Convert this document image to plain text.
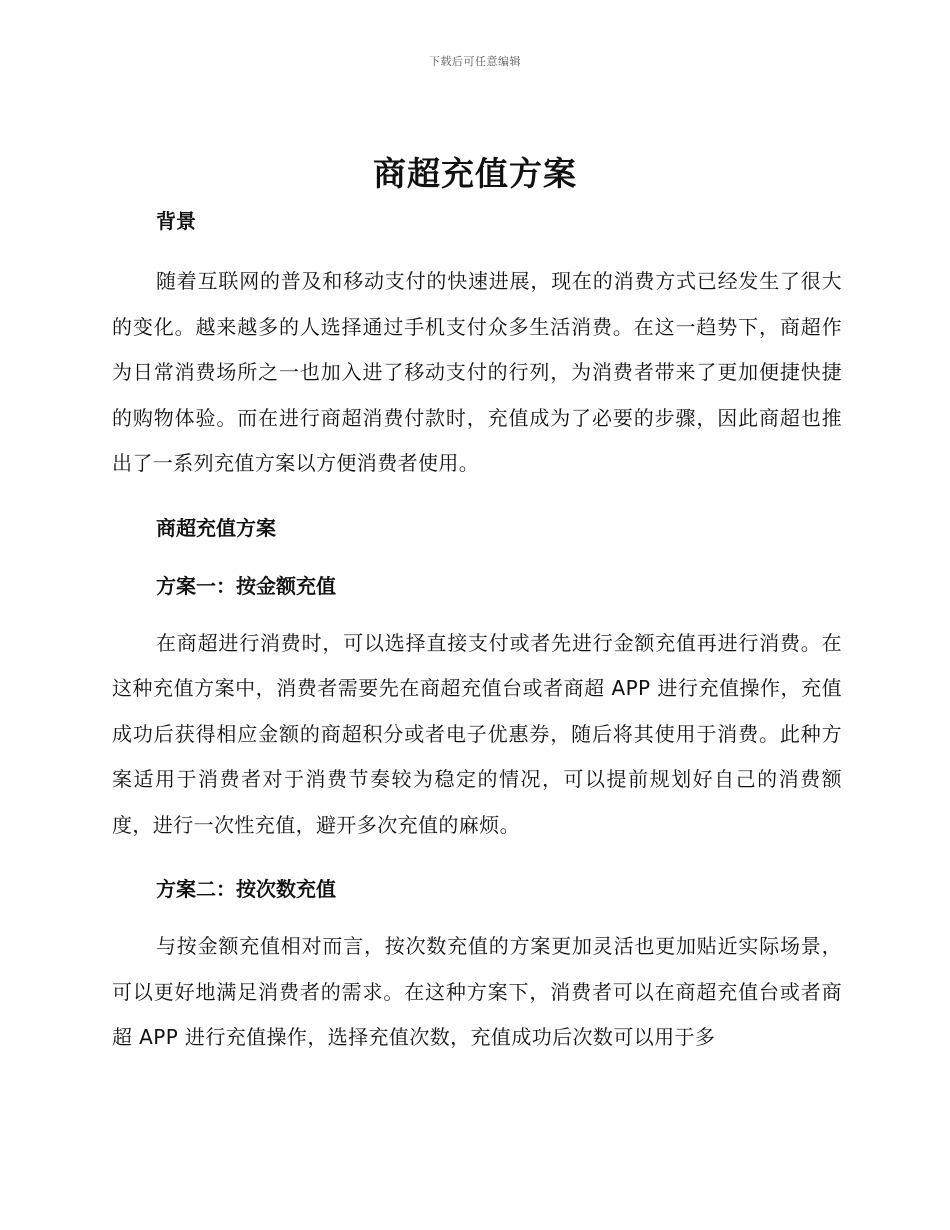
下载后可任意编辑
商超充值方案
背景

随着互联网的普及和移动支付的快速进展，现在的消费方式已经发生了很大的变化。越来越多的人选择通过手机支付众多生活消费。在这一趋势下，商超作为日常消费场所之一也加入进了移动支付的行列，为消费者带来了更加便捷快捷的购物体验。而在进行商超消费付款时，充值成为了必要的步骤，因此商超也推出了一系列充值方案以方便消费者使用。

商超充值方案
方案一：按金额充值

在商超进行消费时，可以选择直接支付或者先进行金额充值再进行消费。在这种充值方案中，消费者需要先在商超充值台或者商超 APP 进行充值操作，充值成功后获得相应金额的商超积分或者电子优惠券，随后将其使用于消费。此种方案适用于消费者对于消费节奏较为稳定的情况，可以提前规划好自己的消费额度，进行一次性充值，避开多次充值的麻烦。

方案二：按次数充值

与按金额充值相对而言，按次数充值的方案更加灵活也更加贴近实际场景，可以更好地满足消费者的需求。在这种方案下，消费者可以在商超充值台或者商超 APP 进行充值操作，选择充值次数，充值成功后次数可以用于多
